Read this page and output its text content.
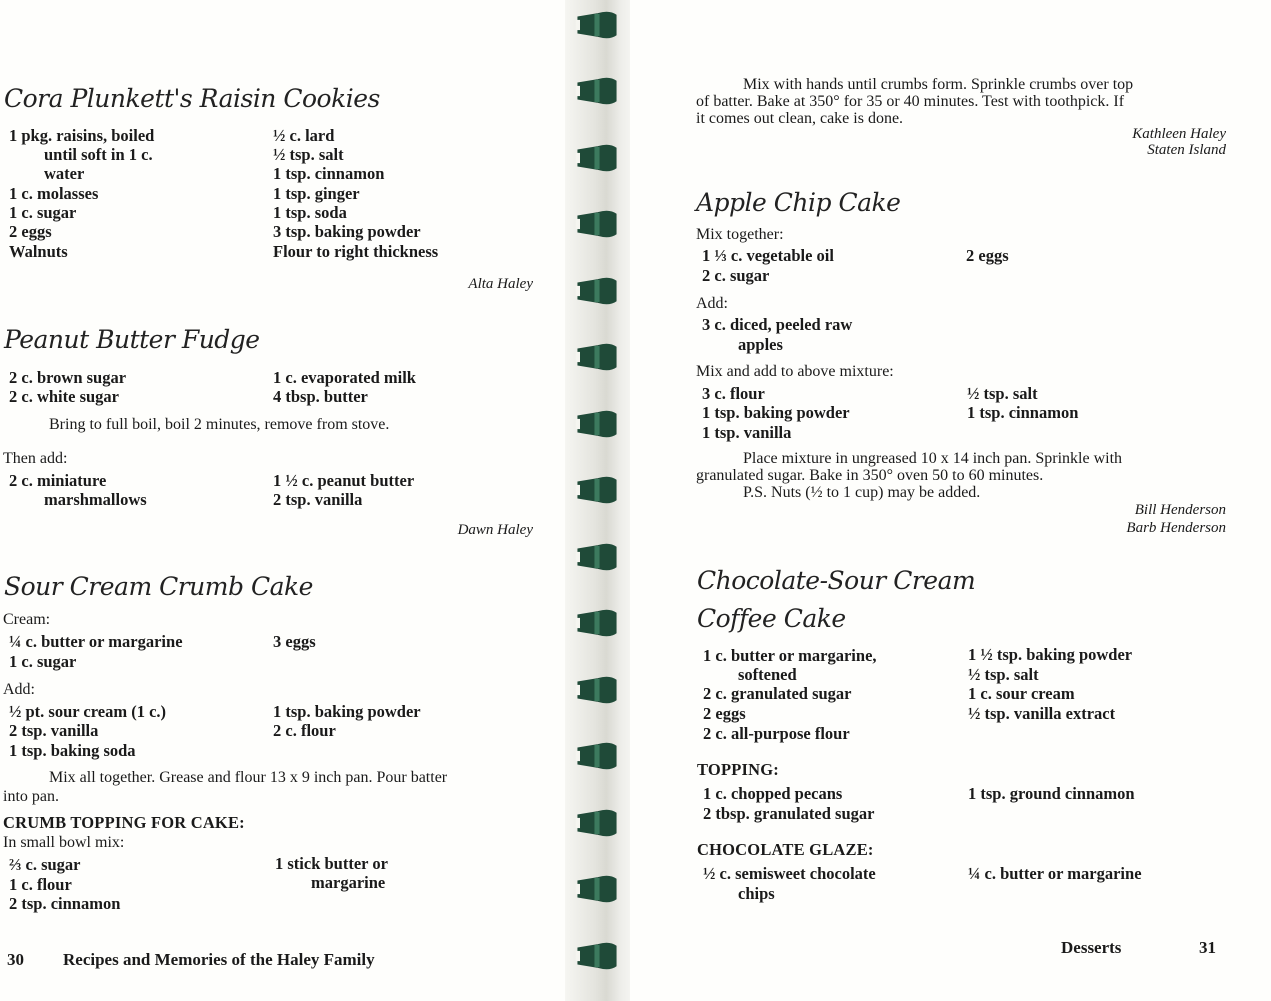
Cora Plunkett's Raisin Cookies
1 pkg. raisins, boiled
until soft in 1 c.
water
1 c. molasses
1 c. sugar
2 eggs
Walnuts
½ c. lard
½ tsp. salt
1 tsp. cinnamon
1 tsp. ginger
1 tsp. soda
3 tsp. baking powder
Flour to right thickness
Alta Haley
Peanut Butter Fudge
2 c. brown sugar
2 c. white sugar
1 c. evaporated milk
4 tbsp. butter
Bring to full boil, boil 2 minutes, remove from stove.
Then add:
2 c. miniature
marshmallows
1 ½ c. peanut butter
2 tsp. vanilla
Dawn Haley
Sour Cream Crumb Cake
Cream:
¼ c. butter or margarine
1 c. sugar
3 eggs
Add:
½ pt. sour cream (1 c.)
2 tsp. vanilla
1 tsp. baking soda
1 tsp. baking powder
2 c. flour
Mix all together. Grease and flour 13 x 9 inch pan. Pour batter
into pan.
CRUMB TOPPING FOR CAKE:
In small bowl mix:
⅔ c. sugar
1 c. flour
2 tsp. cinnamon
1 stick butter or
margarine
30 Recipes and Memories of the Haley Family
Mix with hands until crumbs form. Sprinkle crumbs over top
of batter. Bake at 350° for 35 or 40 minutes. Test with toothpick. If
it comes out clean, cake is done.
Kathleen Haley
Staten Island
Apple Chip Cake
Mix together:
1 ⅓ c. vegetable oil
2 c. sugar
2 eggs
Add:
3 c. diced, peeled raw
apples
Mix and add to above mixture:
3 c. flour
1 tsp. baking powder
1 tsp. vanilla
½ tsp. salt
1 tsp. cinnamon
Place mixture in ungreased 10 x 14 inch pan. Sprinkle with
granulated sugar. Bake in 350° oven 50 to 60 minutes.
P.S. Nuts (½ to 1 cup) may be added.
Bill Henderson
Barb Henderson
Chocolate-Sour Cream
Coffee Cake
1 c. butter or margarine,
softened
2 c. granulated sugar
2 eggs
2 c. all-purpose flour
1 ½ tsp. baking powder
½ tsp. salt
1 c. sour cream
½ tsp. vanilla extract
TOPPING:
1 c. chopped pecans
2 tbsp. granulated sugar
1 tsp. ground cinnamon
CHOCOLATE GLAZE:
½ c. semisweet chocolate
chips
¼ c. butter or margarine
Desserts	31
